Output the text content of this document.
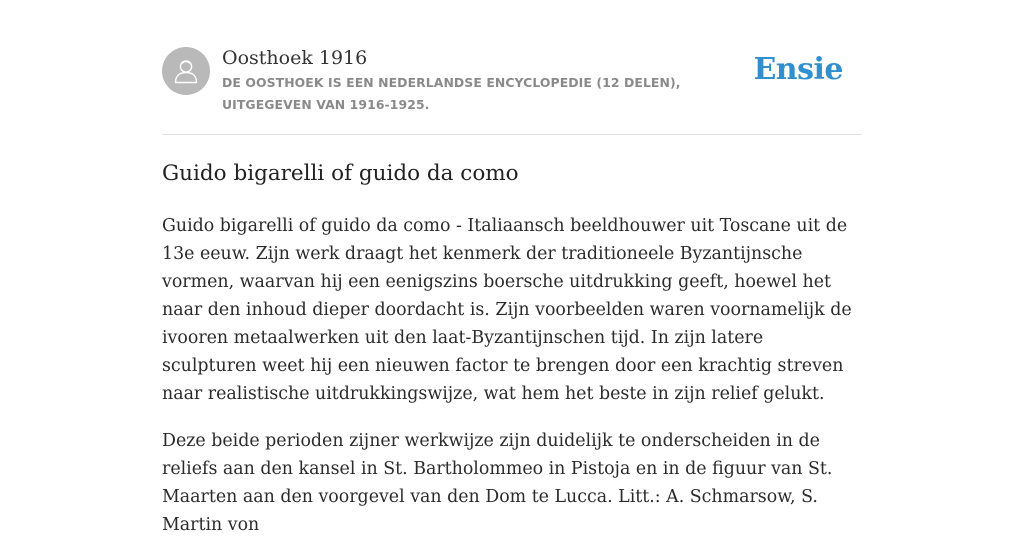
Oosthoek 1916

DE OOSTHOEK IS EEN NEDERLANDSE ENCYCLOPEDIE (12 DELEN), UITGEGEVEN VAN 1916-1925.

Ensie
Guido bigarelli of guido da como

Guido bigarelli of guido da como - Italiaansch beeldhouwer uit Toscane uit de 13e eeuw. Zijn werk draagt het kenmerk der traditioneele Byzantijnsche vormen, waarvan hij een eenigszins boersche uitdrukking geeft, hoewel het naar den inhoud dieper doordacht is. Zijn voorbeelden waren voornamelijk de ivooren metaalwerken uit den laat-Byzantijnschen tijd. In zijn latere sculpturen weet hij een nieuwen factor te brengen door een krachtig streven naar realistische uitdrukkingswijze, wat hem het beste in zijn relief gelukt.

Deze beide perioden zijner werkwijze zijn duidelijk te onderscheiden in de reliefs aan den kansel in St. Bartholommeo in Pistoja en in de figuur van St. Maarten aan den voorgevel van den Dom te Lucca. Litt.: A. Schmarsow, S. Martin von
